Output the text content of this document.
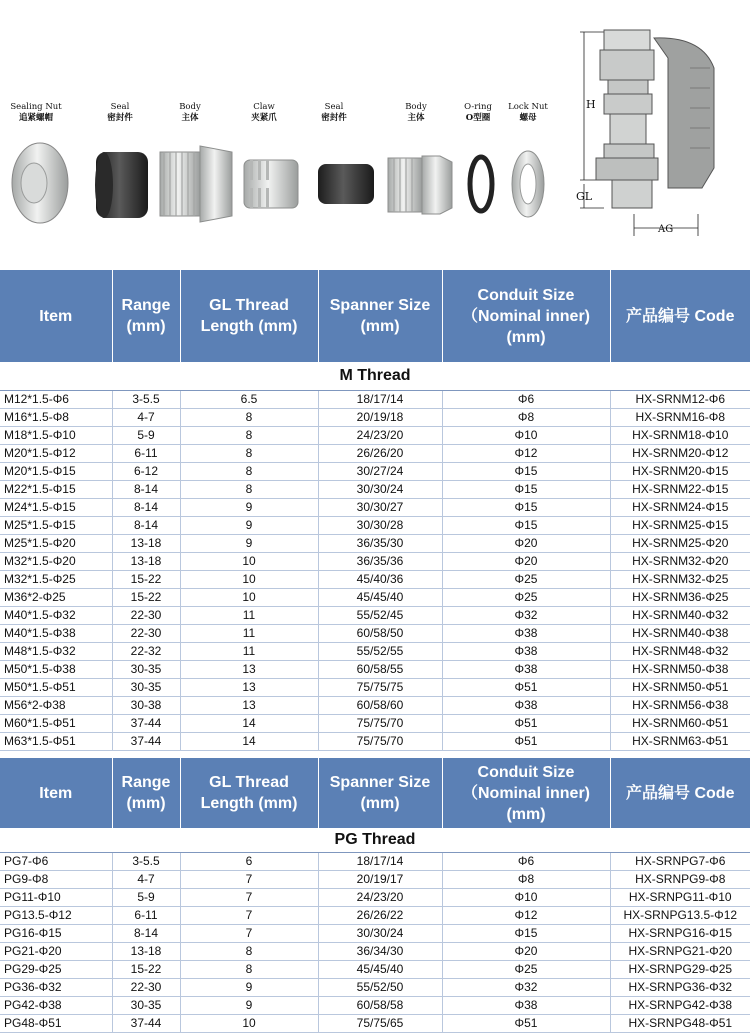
Sealing Nut
追紧螺帽
Seal
密封件
Body
主体
Claw
夹紧爪
Seal
密封件
Body
主体
O-ring
O型圈
Lock Nut
螺母
H
GL
AG
Item	Range (mm)	GL Thread Length (mm)	Spanner Size (mm)	Conduit Size （Nominal inner) (mm)	产品编号 Code
M Thread					
M12*1.5-Φ6	3-5.5	6.5	18/17/14	Φ6	HX-SRNM12-Φ6
M16*1.5-Φ8	4-7	8	20/19/18	Φ8	HX-SRNM16-Φ8
M18*1.5-Φ10	5-9	8	24/23/20	Φ10	HX-SRNM18-Φ10
M20*1.5-Φ12	6-11	8	26/26/20	Φ12	HX-SRNM20-Φ12
M20*1.5-Φ15	6-12	8	30/27/24	Φ15	HX-SRNM20-Φ15
M22*1.5-Φ15	8-14	8	30/30/24	Φ15	HX-SRNM22-Φ15
M24*1.5-Φ15	8-14	9	30/30/27	Φ15	HX-SRNM24-Φ15
M25*1.5-Φ15	8-14	9	30/30/28	Φ15	HX-SRNM25-Φ15
M25*1.5-Φ20	13-18	9	36/35/30	Φ20	HX-SRNM25-Φ20
M32*1.5-Φ20	13-18	10	36/35/36	Φ20	HX-SRNM32-Φ20
M32*1.5-Φ25	15-22	10	45/40/36	Φ25	HX-SRNM32-Φ25
M36*2-Φ25	15-22	10	45/45/40	Φ25	HX-SRNM36-Φ25
M40*1.5-Φ32	22-30	11	55/52/45	Φ32	HX-SRNM40-Φ32
M40*1.5-Φ38	22-30	11	60/58/50	Φ38	HX-SRNM40-Φ38
M48*1.5-Φ32	22-32	11	55/52/55	Φ38	HX-SRNM48-Φ32
M50*1.5-Φ38	30-35	13	60/58/55	Φ38	HX-SRNM50-Φ38
M50*1.5-Φ51	30-35	13	75/75/75	Φ51	HX-SRNM50-Φ51
M56*2-Φ38	30-38	13	60/58/60	Φ38	HX-SRNM56-Φ38
M60*1.5-Φ51	37-44	14	75/75/70	Φ51	HX-SRNM60-Φ51
M63*1.5-Φ51	37-44	14	75/75/70	Φ51	HX-SRNM63-Φ51
Item	Range (mm)	GL Thread Length (mm)	Spanner Size (mm)	Conduit Size （Nominal inner) (mm)	产品编号 Code
PG Thread					
PG7-Φ6	3-5.5	6	18/17/14	Φ6	HX-SRNPG7-Φ6
PG9-Φ8	4-7	7	20/19/17	Φ8	HX-SRNPG9-Φ8
PG11-Φ10	5-9	7	24/23/20	Φ10	HX-SRNPG11-Φ10
PG13.5-Φ12	6-11	7	26/26/22	Φ12	HX-SRNPG13.5-Φ12
PG16-Φ15	8-14	7	30/30/24	Φ15	HX-SRNPG16-Φ15
PG21-Φ20	13-18	8	36/34/30	Φ20	HX-SRNPG21-Φ20
PG29-Φ25	15-22	8	45/45/40	Φ25	HX-SRNPG29-Φ25
PG36-Φ32	22-30	9	55/52/50	Φ32	HX-SRNPG36-Φ32
PG42-Φ38	30-35	9	60/58/58	Φ38	HX-SRNPG42-Φ38
PG48-Φ51	37-44	10	75/75/65	Φ51	HX-SRNPG48-Φ51
